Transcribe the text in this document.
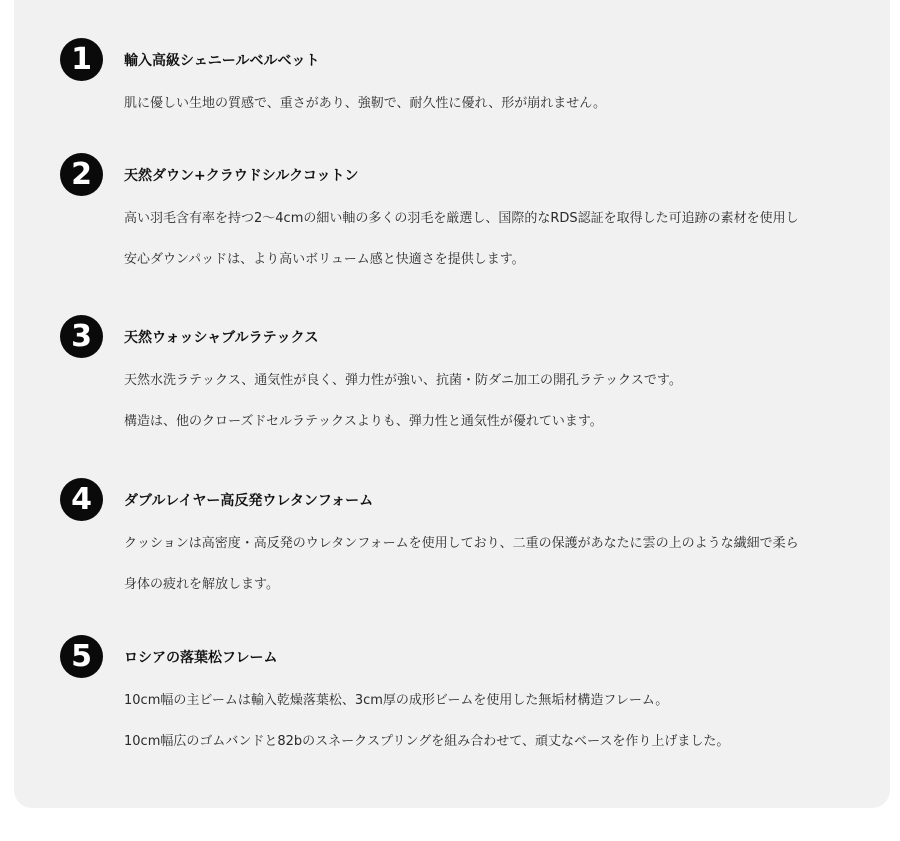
1	輸入高級シェニールベルベット
肌に優しい生地の質感で、重さがあり、強靭で、耐久性に優れ、形が崩れません。
2	天然ダウン+クラウドシルクコットン
高い羽毛含有率を持つ2〜4cmの細い軸の多くの羽毛を厳選し、国際的なRDS認証を取得した可追跡の素材を使用し
安心ダウンパッドは、より高いボリューム感と快適さを提供します。
3	天然ウォッシャブルラテックス
天然水洗ラテックス、通気性が良く、弾力性が強い、抗菌・防ダニ加工の開孔ラテックスです。
構造は、他のクローズドセルラテックスよりも、弾力性と通気性が優れています。
4	ダブルレイヤー高反発ウレタンフォーム
クッションは高密度・高反発のウレタンフォームを使用しており、二重の保護があなたに雲の上のような繊細で柔ら
身体の疲れを解放します。
5	ロシアの落葉松フレーム
10cm幅の主ビームは輸入乾燥落葉松、3cm厚の成形ビームを使用した無垢材構造フレーム。
10cm幅広のゴムバンドと82bのスネークスプリングを組み合わせて、頑丈なベースを作り上げました。
